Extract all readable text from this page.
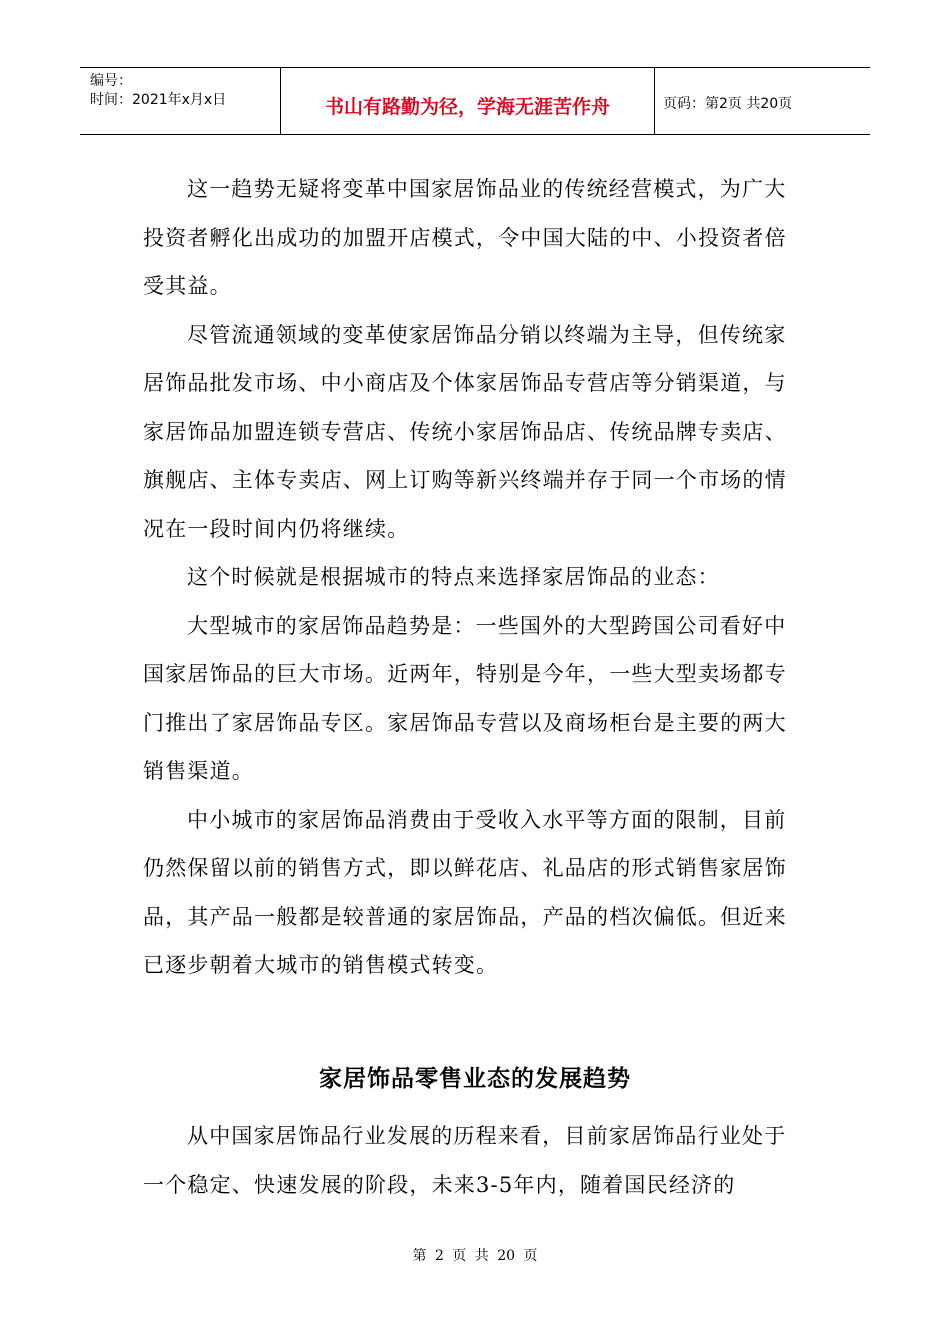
编号：
时间：2021年x月x日	书山有路勤为径，学海无涯苦作舟	页码：第2页 共20页

这一趋势无疑将变革中国家居饰品业的传统经营模式，为广大投资者孵化出成功的加盟开店模式，令中国大陆的中、小投资者倍受其益。

尽管流通领域的变革使家居饰品分销以终端为主导，但传统家居饰品批发市场、中小商店及个体家居饰品专营店等分销渠道，与家居饰品加盟连锁专营店、传统小家居饰品店、传统品牌专卖店、旗舰店、主体专卖店、网上订购等新兴终端并存于同一个市场的情况在一段时间内仍将继续。

这个时候就是根据城市的特点来选择家居饰品的业态：

大型城市的家居饰品趋势是：一些国外的大型跨国公司看好中国家居饰品的巨大市场。近两年，特别是今年，一些大型卖场都专门推出了家居饰品专区。家居饰品专营以及商场柜台是主要的两大销售渠道。

中小城市的家居饰品消费由于受收入水平等方面的限制，目前仍然保留以前的销售方式，即以鲜花店、礼品店的形式销售家居饰品，其产品一般都是较普通的家居饰品，产品的档次偏低。但近来已逐步朝着大城市的销售模式转变。

家居饰品零售业态的发展趋势

从中国家居饰品行业发展的历程来看，目前家居饰品行业处于一个稳定、快速发展的阶段，未来3-5年内，随着国民经济的

第 2 页 共 20 页
